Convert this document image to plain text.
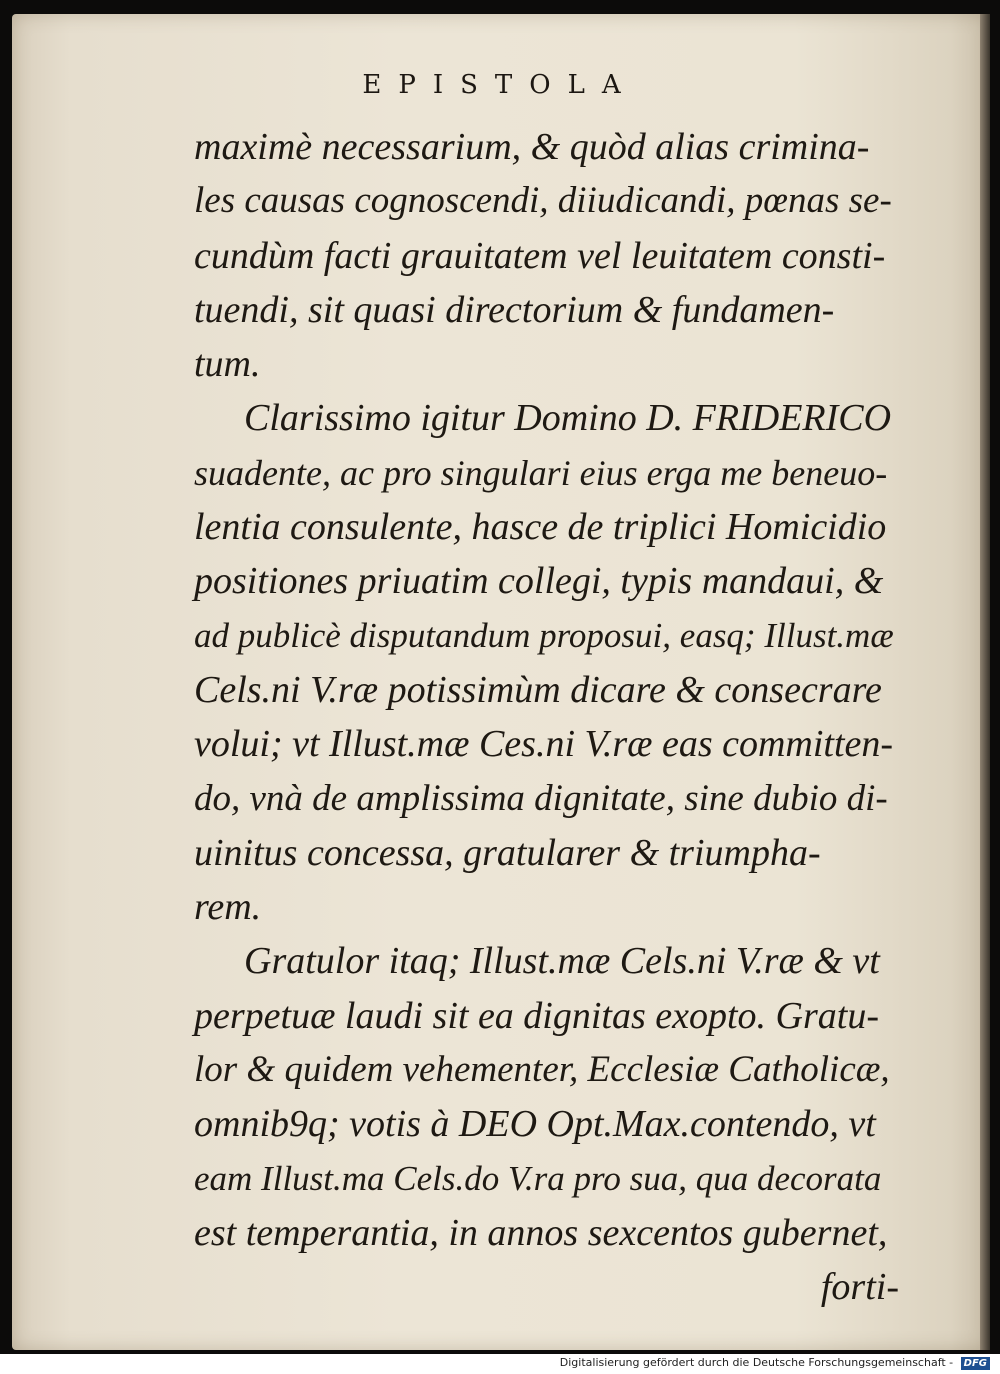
EPISTOLA
maximè necessarium, & quòd alias crimina-
les causas cognoscendi, diiudicandi, pœnas se-
cundùm facti grauitatem vel leuitatem consti-
tuendi, sit quasi directorium & fundamen-
tum.
Clarissimo igitur Domino D. FRIDERICO
suadente, ac pro singulari eius erga me beneuo-
lentia consulente, hasce de triplici Homicidio
positiones priuatim collegi, typis mandaui, &
ad publicè disputandum proposui, easq; Illust.mæ
Cels.ni V.ræ potissimùm dicare & consecrare
volui; vt Illust.mæ Ces.ni V.ræ eas committen-
do, vnà de amplissima dignitate, sine dubio di-
uinitus concessa, gratularer & triumpha-
rem.
Gratulor itaq; Illust.mæ Cels.ni V.ræ & vt
perpetuæ laudi sit ea dignitas exopto. Gratu-
lor & quidem vehementer, Ecclesiæ Catholicæ,
omnib9q; votis à DEO Opt.Max.contendo, vt
eam Illust.ma Cels.do V.ra pro sua, qua decorata
est temperantia, in annos sexcentos gubernet,
forti-
Digitalisierung gefördert durch die Deutsche Forschungsgemeinschaft - DFG
